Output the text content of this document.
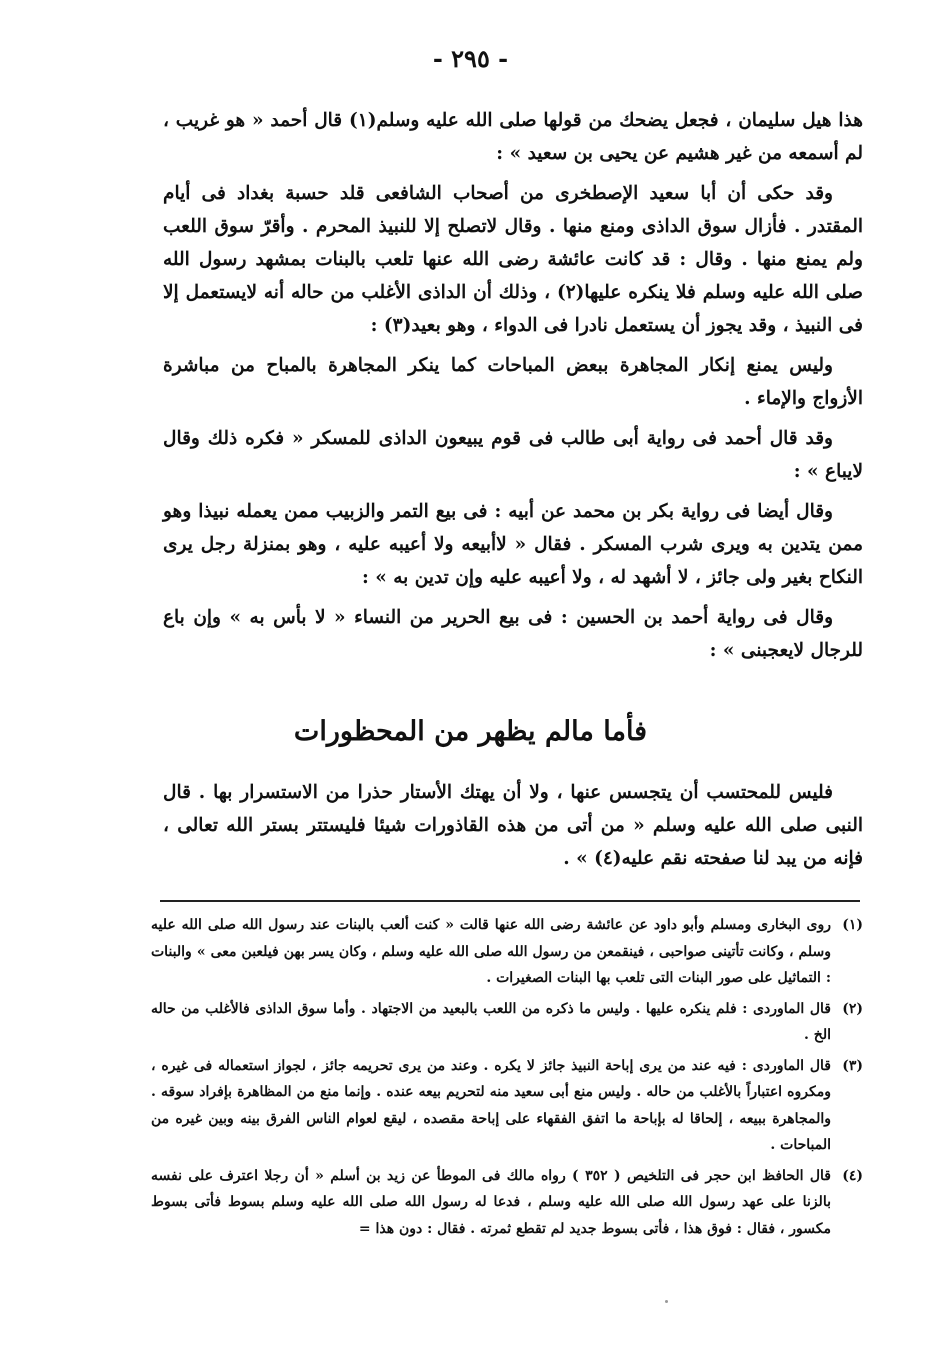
- ٢٩٥ -

هذا هيل سليمان ، فجعل يضحك من قولها صلى الله عليه وسلم(١) قال أحمد « هو غريب ، لم أسمعه من غير هشيم عن يحيى بن سعيد » :

وقد حكى أن أبا سعيد الإصطخرى من أصحاب الشافعى قلد حسبة بغداد فى أيام المقتدر . فأزال سوق الداذى ومنع منها . وقال لاتصلح إلا للنبيذ المحرم . وأقرّ سوق اللعب ولم يمنع منها . وقال : قد كانت عائشة رضى الله عنها تلعب بالبنات بمشهد رسول الله صلى الله عليه وسلم فلا ينكره عليها(٢) ، وذلك أن الداذى الأغلب من حاله أنه لايستعمل إلا فى النبيذ ، وقد يجوز أن يستعمل نادرا فى الدواء ، وهو بعيد(٣) :

وليس يمنع إنكار المجاهرة ببعض المباحات كما ينكر المجاهرة بالمباح من مباشرة الأزواج والإماء .

وقد قال أحمد فى رواية أبى طالب فى قوم يبيعون الداذى للمسكر « فكره ذلك وقال لايباع » :

وقال أيضا فى رواية بكر بن محمد عن أبيه : فى بيع التمر والزبيب ممن يعمله نبيذا وهو ممن يتدين به ويرى شرب المسكر . فقال « لاأبيعه ولا أعيبه عليه ، وهو بمنزلة رجل يرى النكاح بغير ولى جائز ، لا أشهد له ، ولا أعيبه عليه وإن تدين به » :

وقال فى رواية أحمد بن الحسين : فى بيع الحرير من النساء « لا بأس به » وإن باع للرجال لايعجبنى » :

فأما مالم يظهر من المحظورات

فليس للمحتسب أن يتجسس عنها ، ولا أن يهتك الأستار حذرا من الاستسرار بها . قال النبى صلى الله عليه وسلم « من أتى من هذه القاذورات شيئا فليستتر بستر الله تعالى ، فإنه من يبد لنا صفحته نقم عليه(٤) » .

(١)
روى البخارى ومسلم وأبو داود عن عائشة رضى الله عنها قالت « كنت ألعب بالبنات عند رسول الله صلى الله عليه وسلم ، وكانت تأتينى صواحبى ، فينقمعن من رسول الله صلى الله عليه وسلم ، وكان يسر بهن فيلعبن معى » والبنات : التماثيل على صور البنات التى تلعب بها البنات الصغيرات .
(٢)
قال الماوردى : فلم ينكره عليها . وليس ما ذكره من اللعب بالبعيد من الاجتهاد . وأما سوق الداذى فالأغلب من حاله الخ .
(٣)
قال الماوردى : فيه عند من يرى إباحة النبيذ جائز لا يكره . وعند من يرى تحريمه جائز ، لجواز استعماله فى غيره ، ومكروه اعتباراً بالأغلب من حاله . وليس منع أبى سعيد منه لتحريم بيعه عنده . وإنما منع من المظاهرة بإفراد سوقه . والمجاهرة ببيعه ، إلحاقا له بإباحة ما اتفق الفقهاء على إباحة مقصده ، ليقع لعوام الناس الفرق بينه وبين غيره من المباحات .
(٤)
قال الحافظ ابن حجر فى التلخيص ( ٣٥٢ ) رواه مالك فى الموطأ عن زيد بن أسلم « أن رجلا اعترف على نفسه بالزنا على عهد رسول الله صلى الله عليه وسلم ، فدعا له رسول الله صلى الله عليه وسلم بسوط فأتى بسوط مكسور ، فقال : فوق هذا ، فأتى بسوط جديد لم تقطع ثمرته . فقال : دون هذا =
